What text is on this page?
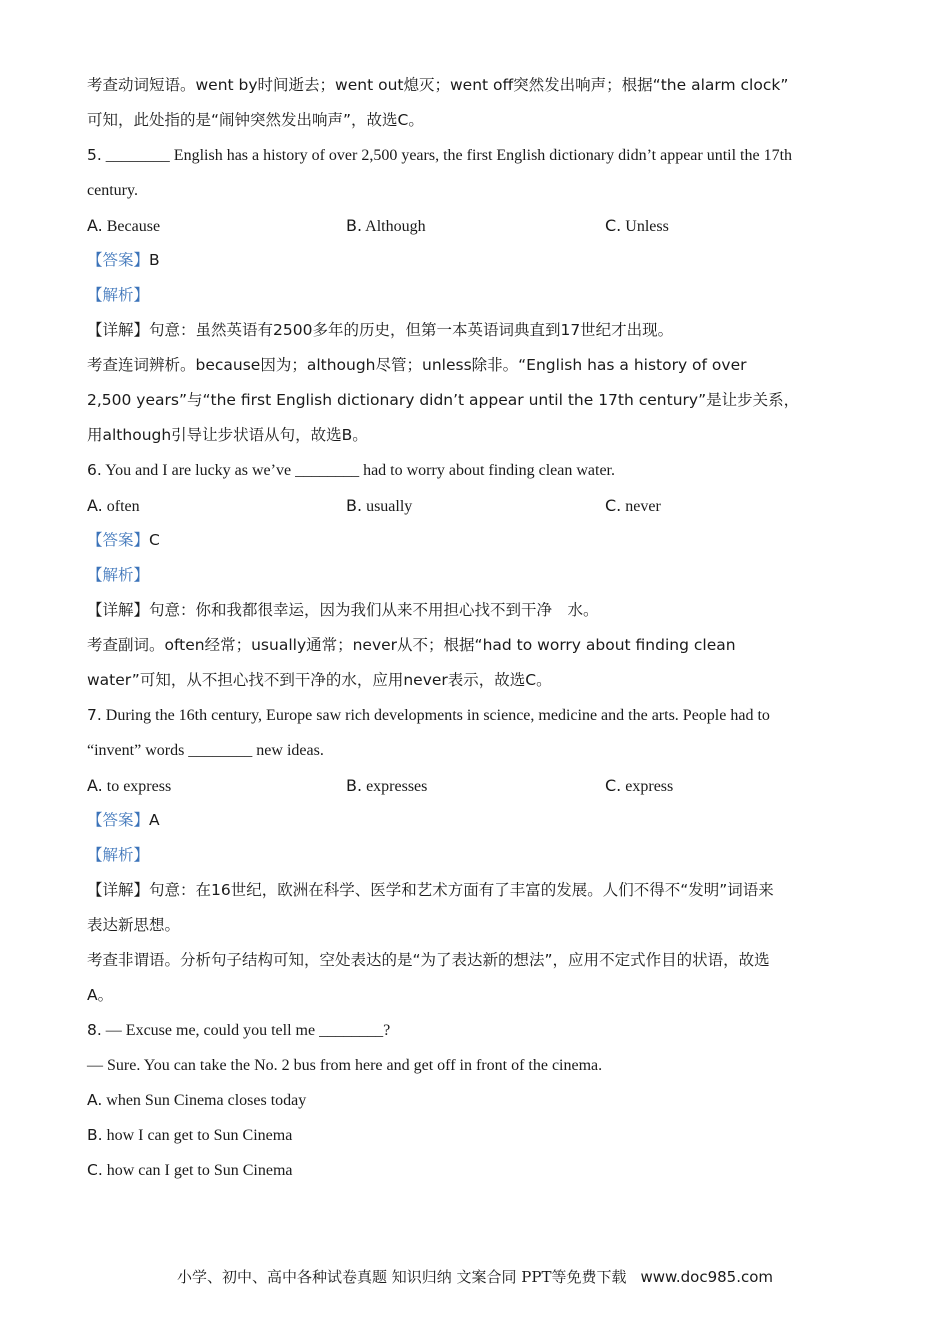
考查动词短语。went by时间逝去；went out熄灭；went off突然发出响声；根据“the alarm clock”
可知，此处指的是“闹钟突然发出响声”，故选C。
5. ________ English has a history of over 2,500 years, the first English dictionary didn’t appear until the 17th
century.
A. Because	B. Although	C. Unless
【答案】B
【解析】
【详解】句意：虽然英语有2500多年的历史，但第一本英语词典直到17世纪才出现。
考查连词辨析。because因为；although尽管；unless除非。“English has a history of over
2,500 years”与“the first English dictionary didn’t appear until the 17th century”是让步关系，
用although引导让步状语从句，故选B。
6. You and I are lucky as we’ve ________ had to worry about finding clean water.
A. often	B. usually	C. never
【答案】C
【解析】
【详解】句意：你和我都很幸运，因为我们从来不用担心找不到干净　水。
考查副词。often经常；usually通常；never从不；根据“had to worry about finding clean
water”可知，从不担心找不到干净的水，应用never表示，故选C。
7. During the 16th century, Europe saw rich developments in science, medicine and the arts. People had to
“invent” words ________ new ideas.
A. to express	B. expresses	C. express
【答案】A
【解析】
【详解】句意：在16世纪，欧洲在科学、医学和艺术方面有了丰富的发展。人们不得不“发明”词语来
表达新思想。
考查非谓语。分析句子结构可知，空处表达的是“为了表达新的想法”，应用不定式作目的状语，故选
A。
8. — Excuse me, could you tell me ________?
— Sure. You can take the No. 2 bus from here and get off in front of the cinema.
A. when Sun Cinema closes today
B. how I can get to Sun Cinema
C. how can I get to Sun Cinema
小学、初中、高中各种试卷真题 知识归纳 文案合同 PPT等免费下载 www.doc985.com
